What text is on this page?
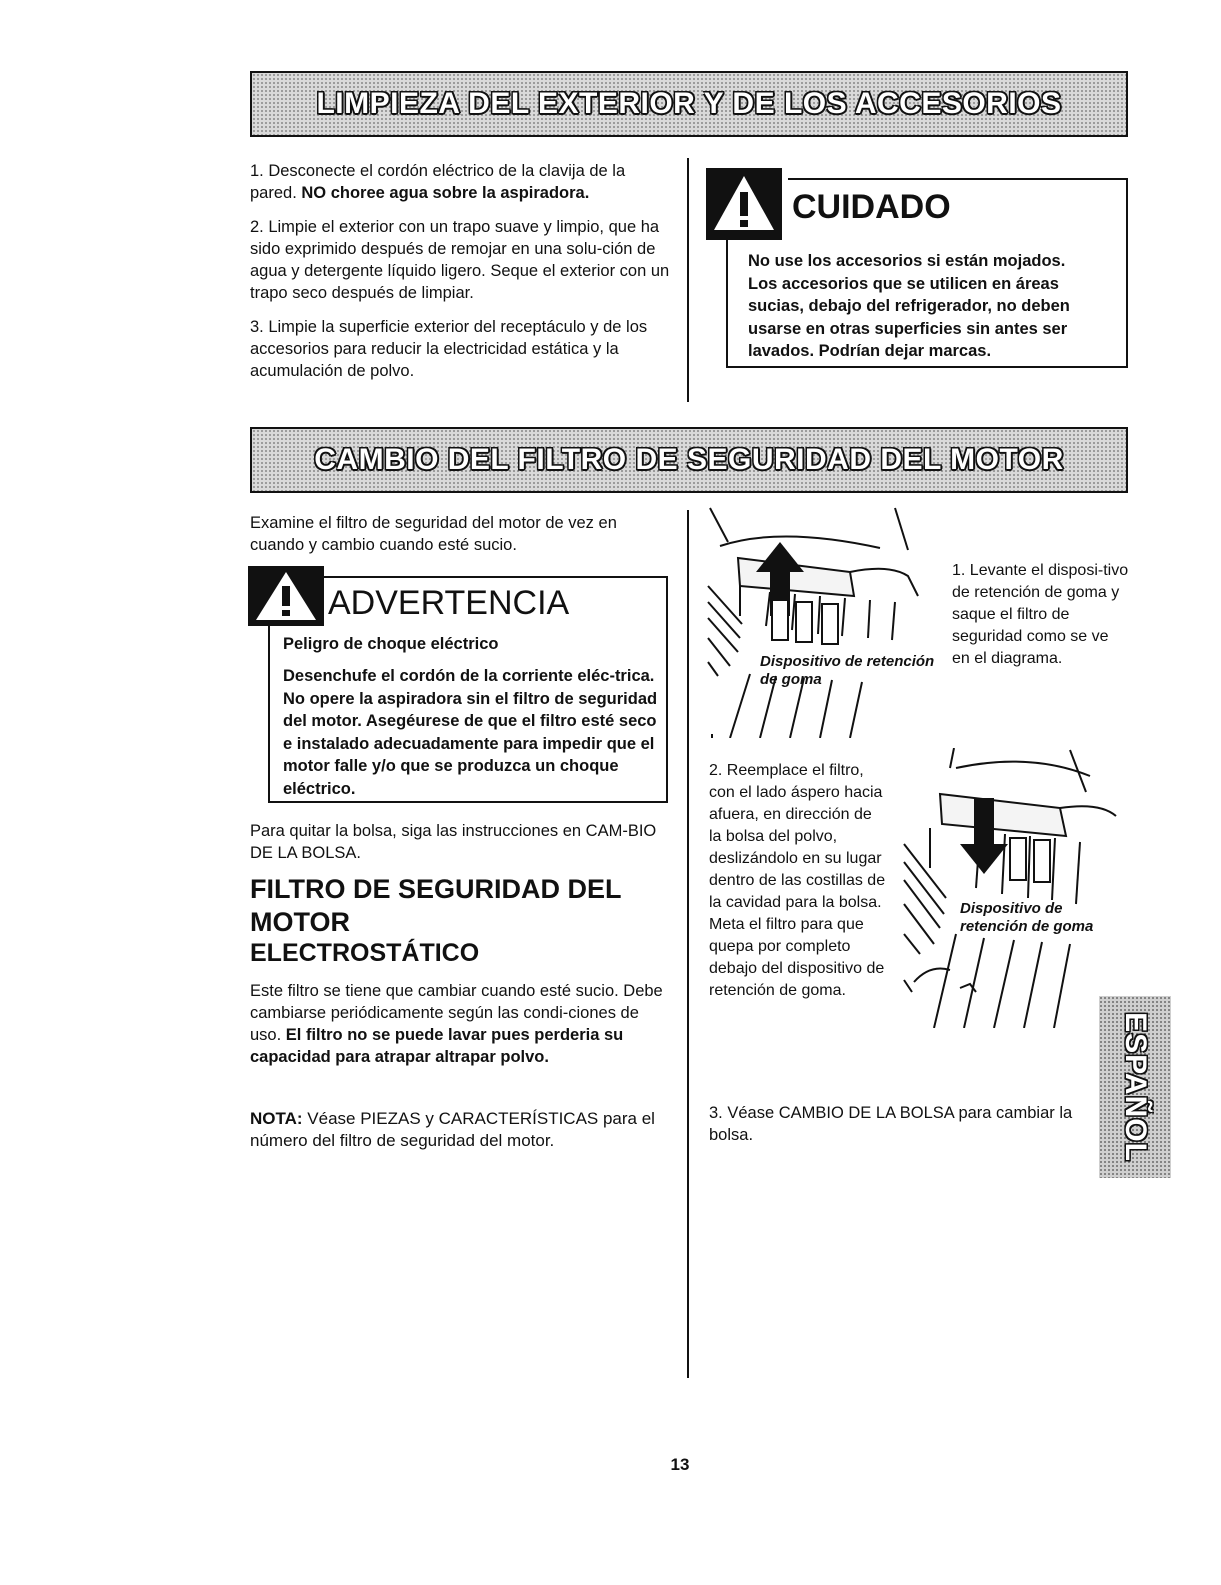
LIMPIEZA DEL EXTERIOR Y DE LOS ACCESORIOS
1. Desconecte el cordón eléctrico de la clavija de la pared. NO choree agua sobre la aspiradora.
2. Limpie el exterior con un trapo suave y limpio, que ha sido exprimido después de remojar en una solu-ción de agua y detergente líquido ligero. Seque el exterior con un trapo seco después de limpiar.
3. Limpie la superficie exterior del receptáculo y de los accesorios para reducir la electricidad estática y la acumulación de polvo.
CUIDADO
No use los accesorios si están mojados. Los accesorios que se utilicen en áreas sucias, debajo del refrigerador, no deben usarse en otras superficies sin antes ser lavados. Podrían dejar marcas.
CAMBIO DEL FILTRO DE SEGURIDAD DEL MOTOR
Examine el filtro de seguridad del motor de vez en cuando y cambio cuando esté sucio.
ADVERTENCIA
Peligro de choque eléctrico
Desenchufe el cordón de la corriente eléc-trica. No opere la aspiradora sin el filtro de seguridad del motor. Asegéurese de que el filtro esté seco e instalado adecuadamente para impedir que el motor falle y/o que se produzca un choque eléctrico.
Para quitar la bolsa, siga las instrucciones en CAM-BIO DE LA BOLSA.
FILTRO DE SEGURIDAD DEL MOTOR
ELECTROSTÁTICO
Este filtro se tiene que cambiar cuando esté sucio. Debe cambiarse periódicamente según las condi-ciones de uso. El filtro no se puede lavar pues perderia su capacidad para atrapar altrapar polvo.
NOTA: Véase PIEZAS y CARACTERÍSTICAS para el número del filtro de seguridad del motor.
Dispositivo de retención de goma
1. Levante el disposi-tivo de retención de goma y saque el filtro de seguridad como se ve en el diagrama.
2. Reemplace el filtro, con el lado áspero hacia afuera, en dirección de la bolsa del polvo, deslizándolo en su lugar dentro de las costillas de la cavidad para la bolsa. Meta el filtro para que quepa por completo debajo del dispositivo de retención de goma.
Dispositivo de retención de goma
3. Véase CAMBIO DE LA BOLSA para cambiar la bolsa.	ESPAÑOL
13
